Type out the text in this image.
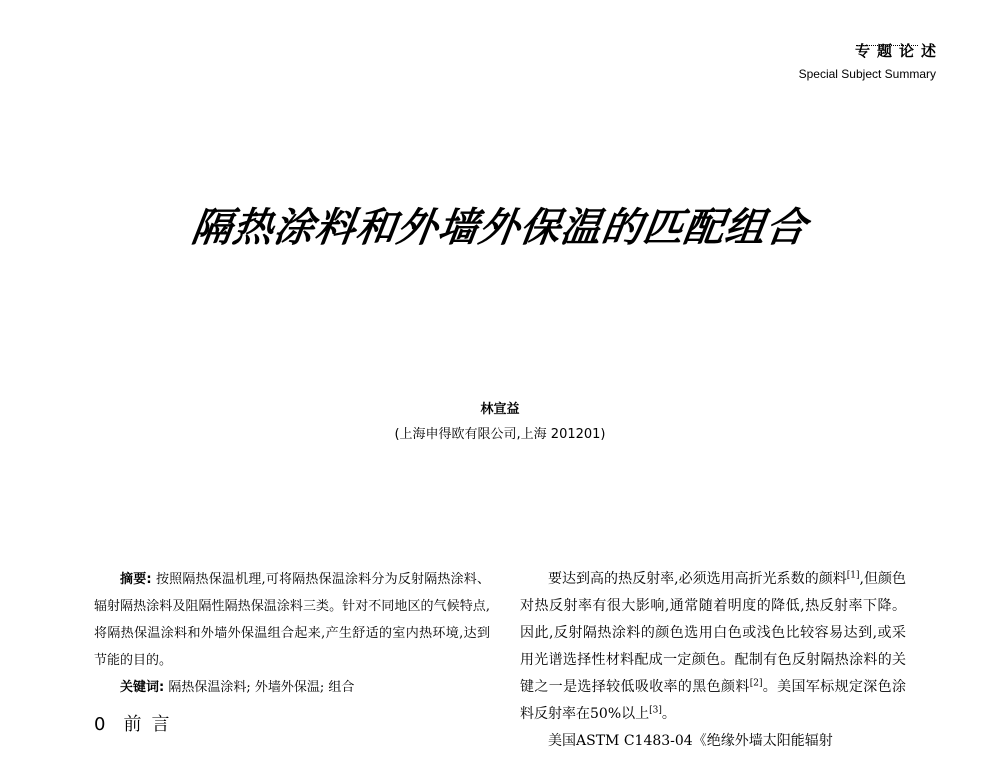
专题论述
Special Subject Summary
隔热涂料和外墙外保温的匹配组合
林宣益
(上海申得欧有限公司,上海 201201)

摘要: 按照隔热保温机理,可将隔热保温涂料分为反射隔热涂料、辐射隔热涂料及阻隔性隔热保温涂料三类。针对不同地区的气候特点,将隔热保温涂料和外墙外保温组合起来,产生舒适的室内热环境,达到节能的目的。

关键词: 隔热保温涂料; 外墙外保温; 组合

0 前言

要达到高的热反射率,必须选用高折光系数的颜料[1],但颜色对热反射率有很大影响,通常随着明度的降低,热反射率下降。因此,反射隔热涂料的颜色选用白色或浅色比较容易达到,或采用光谱选择性材料配成一定颜色。配制有色反射隔热涂料的关键之一是选择较低吸收率的黑色颜料[2]。美国军标规定深色涂料反射率在50%以上[3]。

美国ASTM C1483-04《绝缘外墙太阳能辐射
